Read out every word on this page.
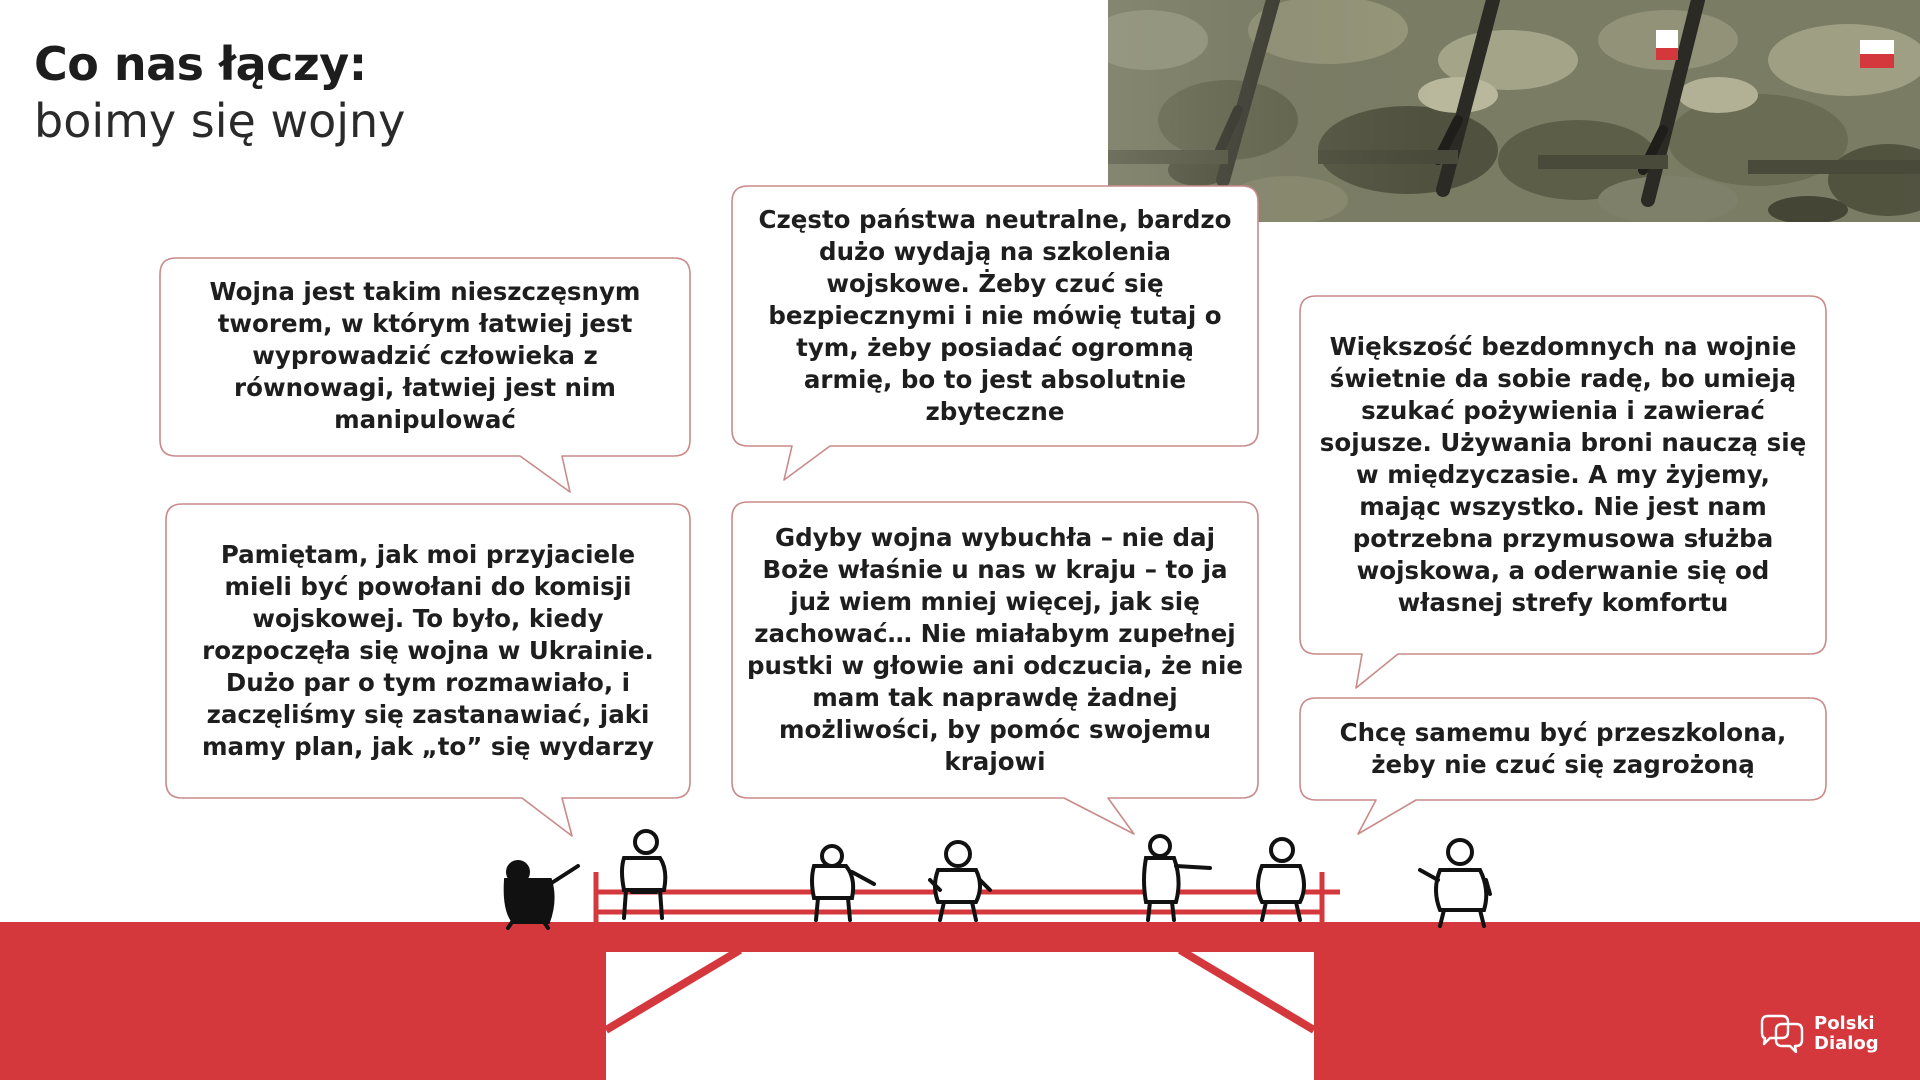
Co nas łączy:
boimy się wojny
Wojna jest takim nieszczęsnym tworem, w którym łatwiej jest wyprowadzić człowieka z równowagi, łatwiej jest nim manipulować
Często państwa neutralne, bardzo dużo wydają na szkolenia wojskowe. Żeby czuć się bezpiecznymi i nie mówię tutaj o tym, żeby posiadać ogromną armię, bo to jest absolutnie zbyteczne
Większość bezdomnych na wojnie świetnie da sobie radę, bo umieją szukać pożywienia i zawierać sojusze. Używania broni nauczą się w międzyczasie. A my żyjemy, mając wszystko. Nie jest nam potrzebna przymusowa służba wojskowa, a oderwanie się od własnej strefy komfortu
Pamiętam, jak moi przyjaciele mieli być powołani do komisji wojskowej. To było, kiedy rozpoczęła się wojna w Ukrainie. Dużo par o tym rozmawiało, i zaczęliśmy się zastanawiać, jaki mamy plan, jak „to” się wydarzy
Gdyby wojna wybuchła – nie daj Boże właśnie u nas w kraju – to ja już wiem mniej więcej, jak się zachować… Nie miałabym zupełnej pustki w głowie ani odczucia, że nie mam tak naprawdę żadnej możliwości, by pomóc swojemu krajowi
Chcę samemu być przeszkolona, żeby nie czuć się zagrożoną
Polski
Dialog
